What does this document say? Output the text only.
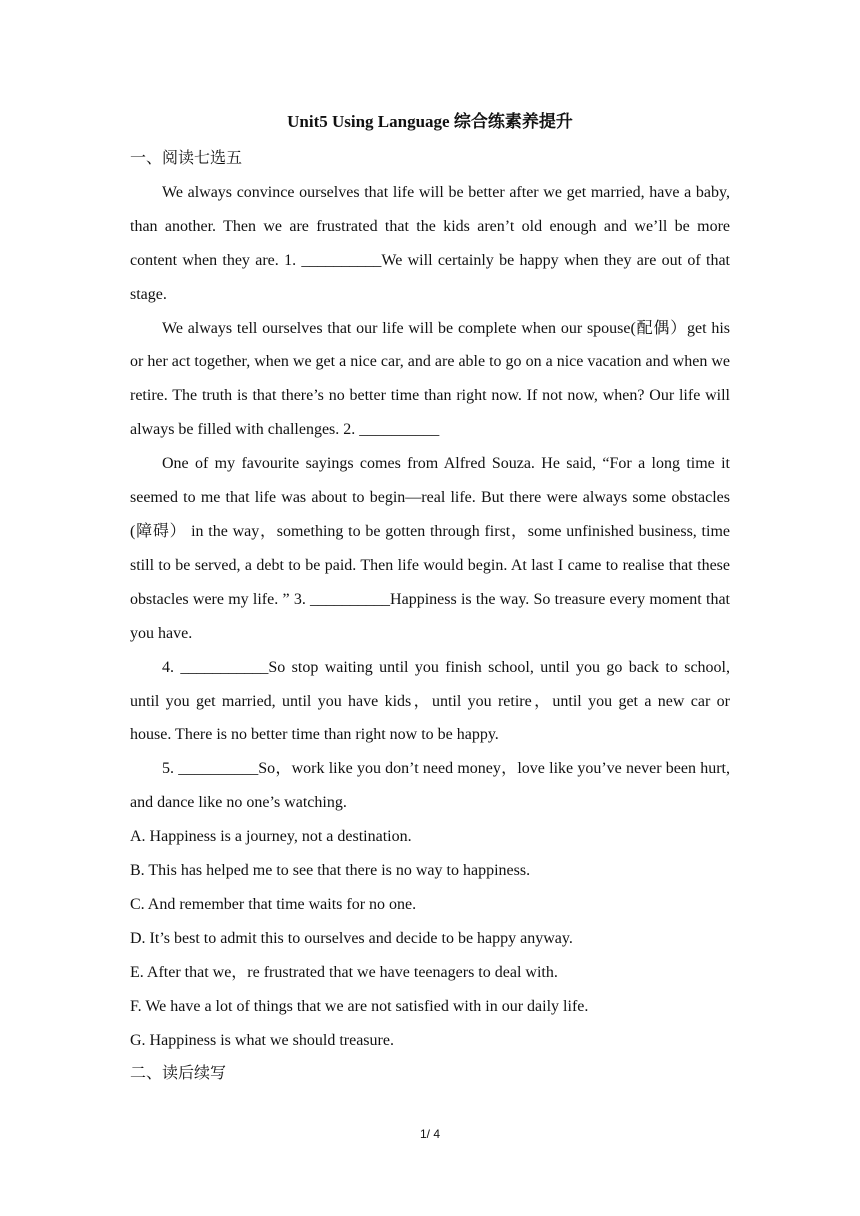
Unit5 Using Language 综合练素养提升

一、阅读七选五

We always convince ourselves that life will be better after we get married, have a baby, than another. Then we are frustrated that the kids aren’t old enough and we’ll be more content when they are. 1. __________We will certainly be happy when they are out of that stage.

We always tell ourselves that our life will be complete when our spouse(配偶）get his or her act together, when we get a nice car, and are able to go on a nice vacation and when we retire. The truth is that there’s no better time than right now. If not now, when? Our life will always be filled with challenges. 2. __________

One of my favourite sayings comes from Alfred Souza. He said, “For a long time it seemed to me that life was about to begin—real life. But there were always some obstacles (障碍） in the way，something to be gotten through first，some unfinished business, time still to be served, a debt to be paid. Then life would begin. At last I came to realise that these obstacles were my life. ” 3. __________Happiness is the way. So treasure every moment that you have.

4. ___________So stop waiting until you finish school, until you go back to school, until you get married, until you have kids，until you retire，until you get a new car or house. There is no better time than right now to be happy.

5. __________So，work like you don’t need money，love like you’ve never been hurt, and dance like no one’s watching.

A. Happiness is a journey, not a destination.

B. This has helped me to see that there is no way to happiness.

C. And remember that time waits for no one.

D. It’s best to admit this to ourselves and decide to be happy anyway.

E. After that we，re frustrated that we have teenagers to deal with.

F. We have a lot of things that we are not satisfied with in our daily life.

G. Happiness is what we should treasure.

二、读后续写

1/ 4
